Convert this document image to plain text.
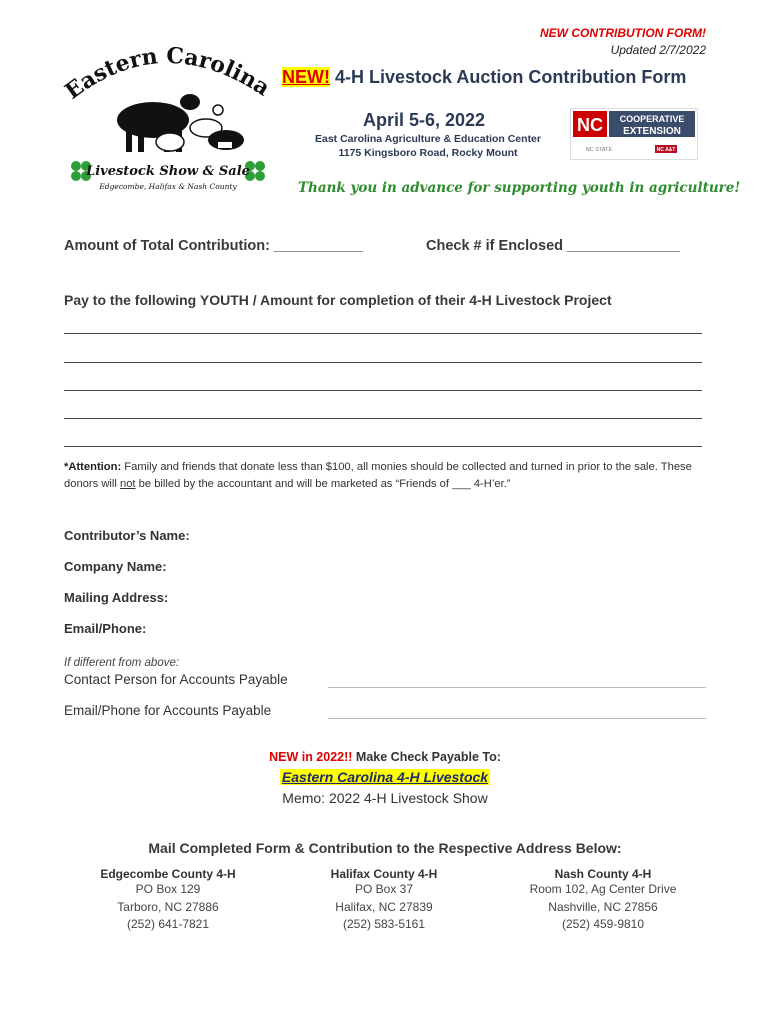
NEW CONTRIBUTION FORM!
Updated 2/7/2022
Eastern Carolina
Livestock Show & Sale
Edgecombe, Halifax & Nash County
NEW! 4-H Livestock Auction Contribution Form
April 5-6, 2022
East Carolina Agriculture & Education Center
1175 Kingsboro Road, Rocky Mount
NC COOPERATIVE
EXTENSION
NC STATE	NC A&T
Thank you in advance for supporting youth in agriculture!
Amount of Total Contribution: ___________	Check # if Enclosed ______________
Pay to the following YOUTH / Amount for completion of their 4-H Livestock Project
*Attention: Family and friends that donate less than $100, all monies should be collected and turned in prior to the sale. These donors will not be billed by the accountant and will be marketed as “Friends of ___ 4-H’er.”
Contributor’s Name:
Company Name:
Mailing Address:
Email/Phone:
If different from above:
Contact Person for Accounts Payable
Email/Phone for Accounts Payable
NEW in 2022!! Make Check Payable To:
Eastern Carolina 4-H Livestock
Memo: 2022 4-H Livestock Show
Mail Completed Form & Contribution to the Respective Address Below:
Edgecombe County 4-H
PO Box 129
Tarboro, NC 27886
(252) 641-7821
Halifax County 4-H
PO Box 37
Halifax, NC 27839
(252) 583-5161
Nash County 4-H
Room 102, Ag Center Drive
Nashville, NC 27856
(252) 459-9810
